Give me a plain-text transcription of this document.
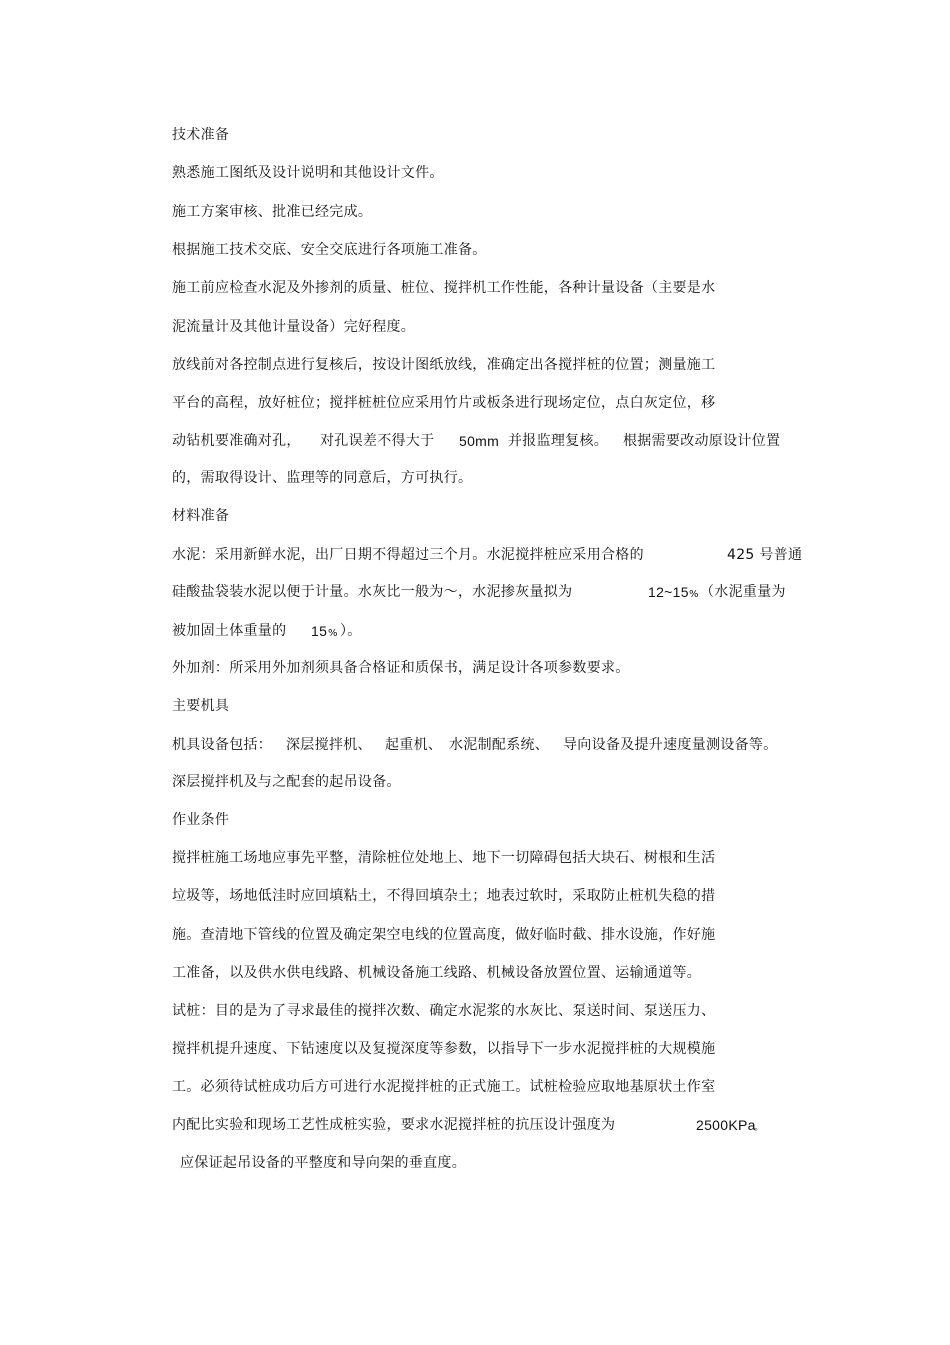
技术准备
熟悉施工图纸及设计说明和其他设计文件。
施工方案审核、批准已经完成。
根据施工技术交底、安全交底进行各项施工准备。
施工前应检查水泥及外掺剂的质量、桩位、搅拌机工作性能，各种计量设备（主要是水
泥流量计及其他计量设备）完好程度。
放线前对各控制点进行复核后，按设计图纸放线，准确定出各搅拌桩的位置；测量施工
平台的高程，放好桩位；搅拌桩桩位应采用竹片或板条进行现场定位，点白灰定位，移

动钻机要准确对孔，

对孔误差不得大于

50mm

并报监理复核。

根据需要改动原设计位置

的，需取得设计、监理等的同意后，方可执行。
材料准备

水泥：采用新鲜水泥，出厂日期不得超过三个月。水泥搅拌桩应采用合格的

	425 号普通

硅酸盐袋装水泥以便于计量。水灰比一般为～，水泥掺灰量拟为

	12~15

%

（水泥重量为

被加固土体重量的

15

%

）。

外加剂：所采用外加剂须具备合格证和质保书，满足设计各项参数要求。
主要机具

机具设备包括：

深层搅拌机、

起重机、

水泥制配系统、

导向设备及提升速度量测设备等。

深层搅拌机及与之配套的起吊设备。
作业条件
搅拌桩施工场地应事先平整，清除桩位处地上、地下一切障碍包括大块石、树根和生活
垃圾等，场地低洼时应回填粘土，不得回填杂土；地表过软时，采取防止桩机失稳的措
施。查清地下管线的位置及确定架空电线的位置高度，做好临时截、排水设施，作好施
工准备，以及供水供电线路、机械设备施工线路、机械设备放置位置、运输通道等。
试桩：目的是为了寻求最佳的搅拌次数、确定水泥浆的水灰比、泵送时间、泵送压力、
搅拌机提升速度、下钻速度以及复搅深度等参数，以指导下一步水泥搅拌桩的大规模施
工。必须待试桩成功后方可进行水泥搅拌桩的正式施工。试桩检验应取地基原状土作室

内配比实验和现场工艺性成桩实验，要求水泥搅拌桩的抗压设计强度为

	2500KPa

。

应保证起吊设备的平整度和导向架的垂直度。
